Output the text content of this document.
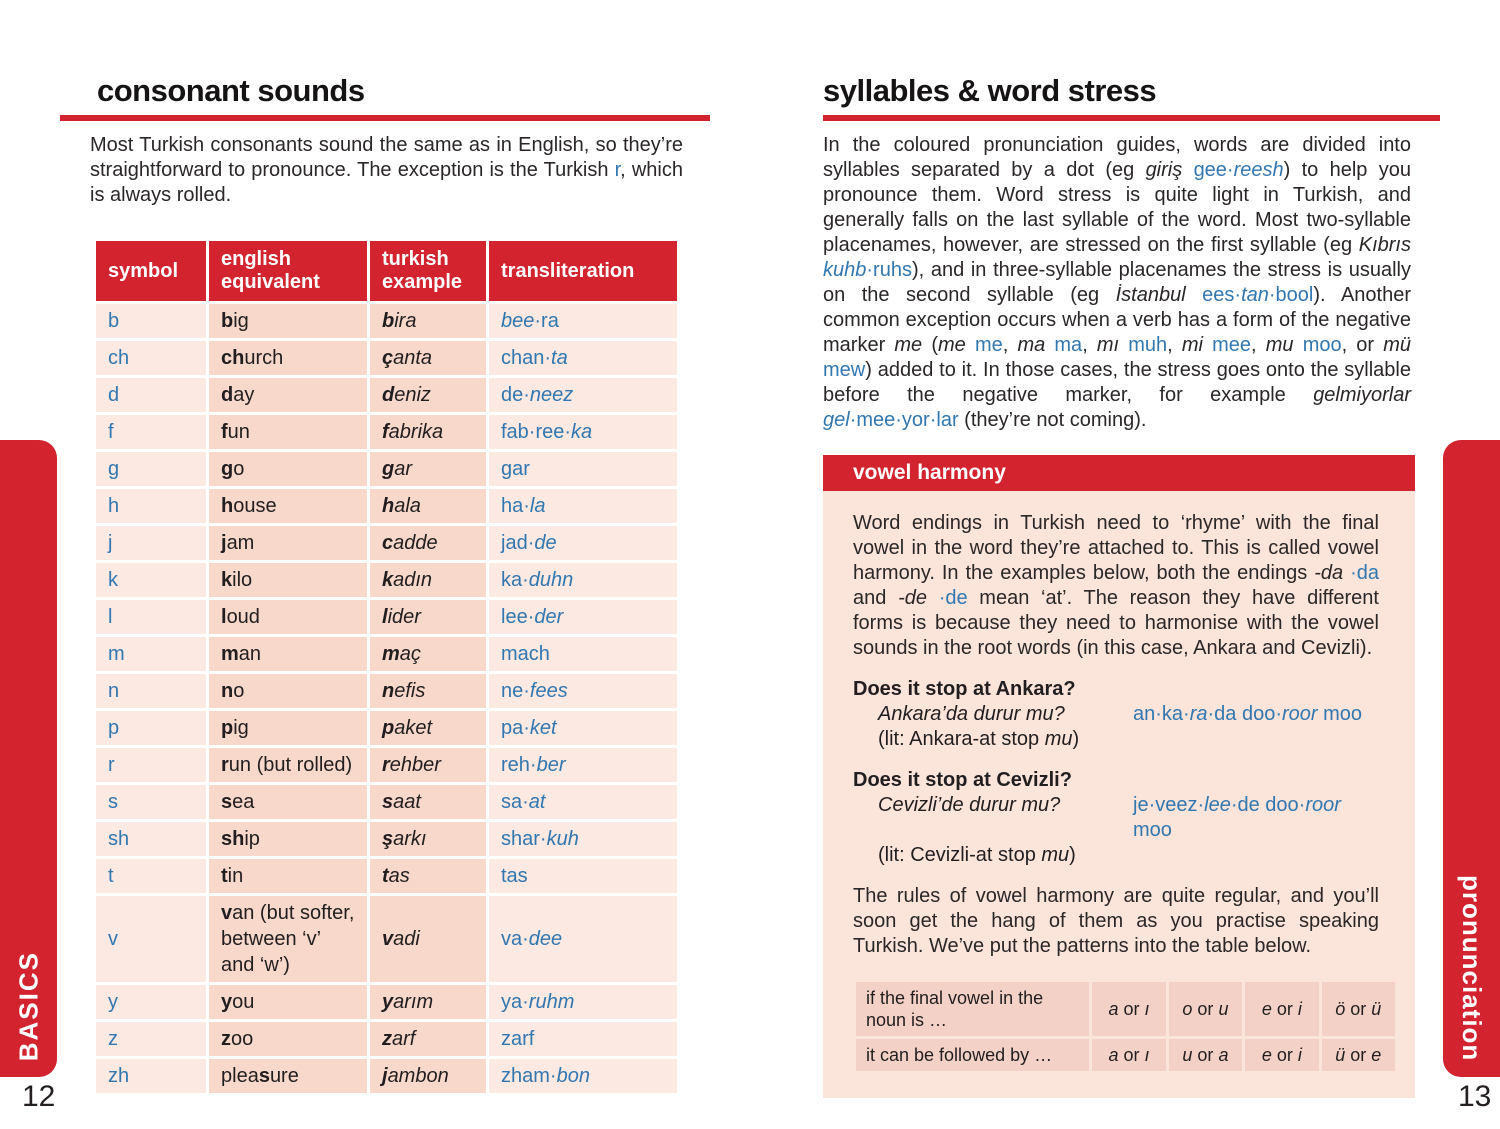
consonant sounds

Most Turkish consonants sound the same as in English, so they’re straightforward to pronounce. The exception is the Turkish r, which is always rolled.

symbol	english equivalent	turkish example	transliteration
b	big	bira	bee·ra
ch	church	çanta	chan·ta
d	day	deniz	de·neez
f	fun	fabrika	fab·ree·ka
g	go	gar	gar
h	house	hala	ha·la
j	jam	cadde	jad·de
k	kilo	kadın	ka·duhn
l	loud	lider	lee·der
m	man	maç	mach
n	no	nefis	ne·fees
p	pig	paket	pa·ket
r	run (but rolled)	rehber	reh·ber
s	sea	saat	sa·at
sh	ship	şarkı	shar·kuh
t	tin	tas	tas
v	van (but softer, between ‘v’ and ‘w’)	vadi	va·dee
y	you	yarım	ya·ruhm
z	zoo	zarf	zarf
zh	pleasure	jambon	zham·bon
syllables & word stress

In the coloured pronunciation guides, words are divided into syllables separated by a dot (eg giriş gee·reesh) to help you pronounce them. Word stress is quite light in Turkish, and generally falls on the last syllable of the word. Most two-syllable placenames, however, are stressed on the first syllable (eg Kıbrıs kuhb·ruhs), and in three-syllable placenames the stress is usually on the second syllable (eg İstanbul ees·tan·bool). Another common exception occurs when a verb has a form of the negative marker me (me me, ma ma, mı muh, mi mee, mu moo, or mü mew) added to it. In those cases, the stress goes onto the syllable before the negative marker, for example gelmiyorlar gel·mee·yor·lar (they’re not coming).

vowel harmony

Word endings in Turkish need to ‘rhyme’ with the final vowel in the word they’re attached to. This is called vowel harmony. In the examples below, both the endings -da ·da and -de ·de mean ‘at’. The reason they have different forms is because they need to harmonise with the vowel sounds in the root words (in this case, Ankara and Cevizli).

Does it stop at Ankara?
Ankara’da durur mu?	an·ka·ra·da doo·roor moo
(lit: Ankara-at stop mu)
Does it stop at Cevizli?
Cevizli’de durur mu?	je·veez·lee·de doo·roor moo
(lit: Cevizli-at stop mu)

The rules of vowel harmony are quite regular, and you’ll soon get the hang of them as you practise speaking Turkish. We’ve put the patterns into the table below.

if the final vowel in the noun is …	a or ı	o or u	e or i	ö or ü
it can be followed by …	a or ı	u or a	e or i	ü or e
BASICS	pronunciation
12	13
